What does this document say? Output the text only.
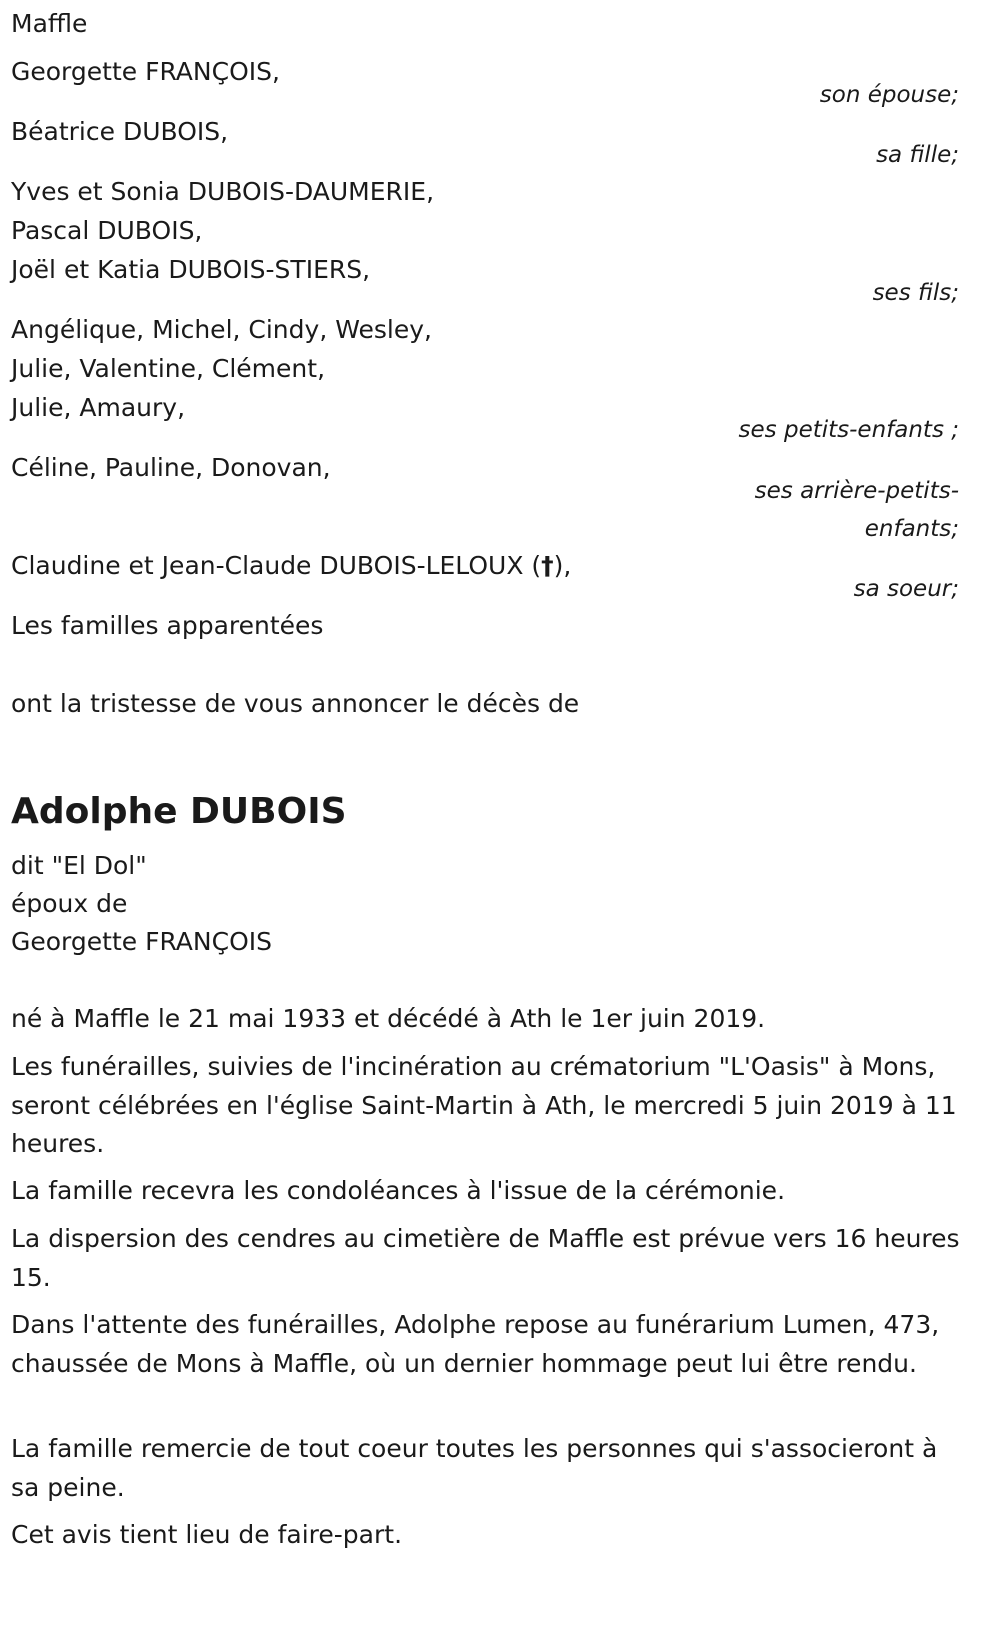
Maffle

Georgette FRANÇOIS,

son épouse;

Béatrice DUBOIS,

sa fille;

Yves et Sonia DUBOIS-DAUMERIE,

Pascal DUBOIS,

Joël et Katia DUBOIS-STIERS,

ses fils;

Angélique, Michel, Cindy, Wesley,

Julie, Valentine, Clément,

Julie, Amaury,

ses petits-enfants ;

Céline, Pauline, Donovan,

ses arrière-petits-enfants;

Claudine et Jean-Claude DUBOIS-LELOUX (†),

sa soeur;

Les familles apparentées

ont la tristesse de vous annoncer le décès de

Adolphe DUBOIS

dit "El Dol"

époux de

Georgette FRANÇOIS

né à Maffle le 21 mai 1933 et décédé à Ath le 1er juin 2019.

Les funérailles, suivies de l'incinération au crématorium "L'Oasis" à Mons, seront célébrées en l'église Saint-Martin à Ath, le mercredi 5 juin 2019 à 11 heures.

La famille recevra les condoléances à l'issue de la cérémonie.

La dispersion des cendres au cimetière de Maffle est prévue vers 16 heures 15.

Dans l'attente des funérailles, Adolphe repose au funérarium Lumen, 473, chaussée de Mons à Maffle, où un dernier hommage peut lui être rendu.

La famille remercie de tout coeur toutes les personnes qui s'associeront à sa peine.

Cet avis tient lieu de faire-part.
